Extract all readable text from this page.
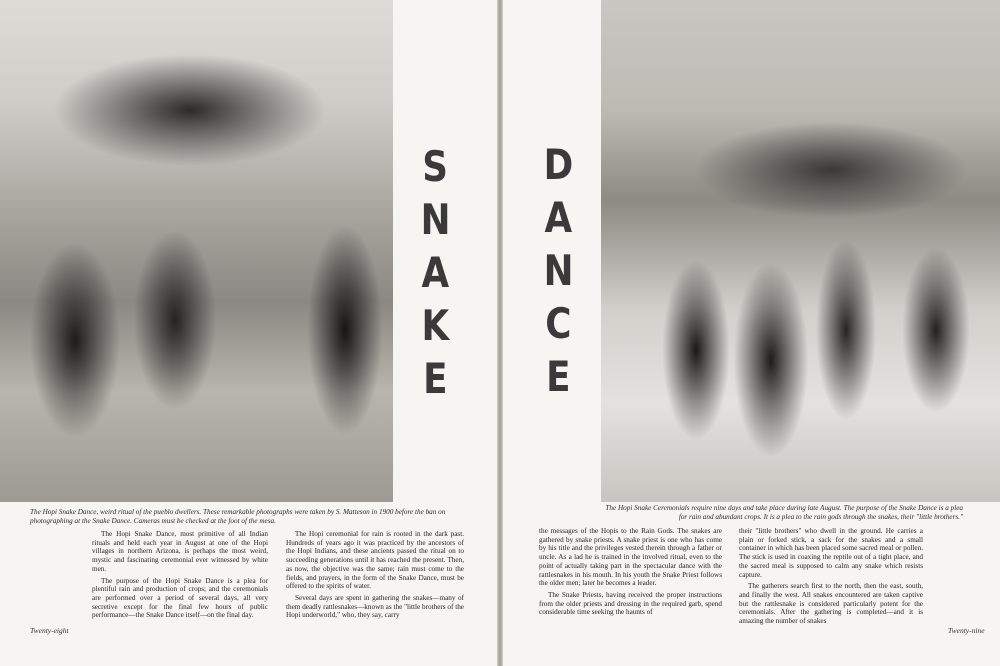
S
N
A
K
E
The Hopi Snake Dance, weird ritual of the pueblo dwellers. These remarkable photographs were taken by S. Matteson in 1900 before the ban on photographing at the Snake Dance. Cameras must be checked at the foot of the mesa.

The Hopi Snake Dance, most primitive of all Indian rituals and held each year in August at one of the Hopi villages in northern Arizona, is perhaps the most weird, mystic and fascinating ceremonial ever witnessed by white men.

The purpose of the Hopi Snake Dance is a plea for plentiful rain and production of crops; and the ceremonials are performed over a period of several days, all very secretive except for the final few hours of public performance—the Snake Dance itself—on the final day.

The Hopi ceremonial for rain is rooted in the dark past. Hundreds of years ago it was practiced by the ancestors of the Hopi Indians, and these ancients passed the ritual on to succeeding generations until it has reached the present. Then, as now, the objective was the same; rain must come to the fields, and prayers, in the form of the Snake Dance, must be offered to the spirits of water.

Several days are spent in gathering the snakes—many of them deadly rattlesnakes—known as the "little brothers of the Hopi underworld," who, they say, carry

Twenty-eight
D
A
N
C
E
The Hopi Snake Ceremonials require nine days and take place during late August. The purpose of the Snake Dance is a plea for rain and abundant crops. It is a plea to the rain gods through the snakes, their "little brothers."

the messages of the Hopis to the Rain Gods. The snakes are gathered by snake priests. A snake priest is one who has come by his title and the privileges vested therein through a father or uncle. As a lad he is trained in the involved ritual, even to the point of actually taking part in the spectacular dance with the rattlesnakes in his mouth. In his youth the Snake Priest follows the older men; later he becomes a leader.

The Snake Priests, having received the proper instructions from the older priests and dressing in the required garb, spend considerable time seeking the haunts of

their "little brothers" who dwell in the ground. He carries a plain or forked stick, a sack for the snakes and a small container in which has been placed some sacred meal or pollen. The stick is used in coaxing the reptile out of a tight place, and the sacred meal is supposed to calm any snake which resists capture.

The gatherers search first to the north, then the east, south, and finally the west. All snakes encountered are taken captive but the rattlesnake is considered particularly potent for the ceremonials. After the gathering is completed—and it is amazing the number of snakes

Twenty-nine
